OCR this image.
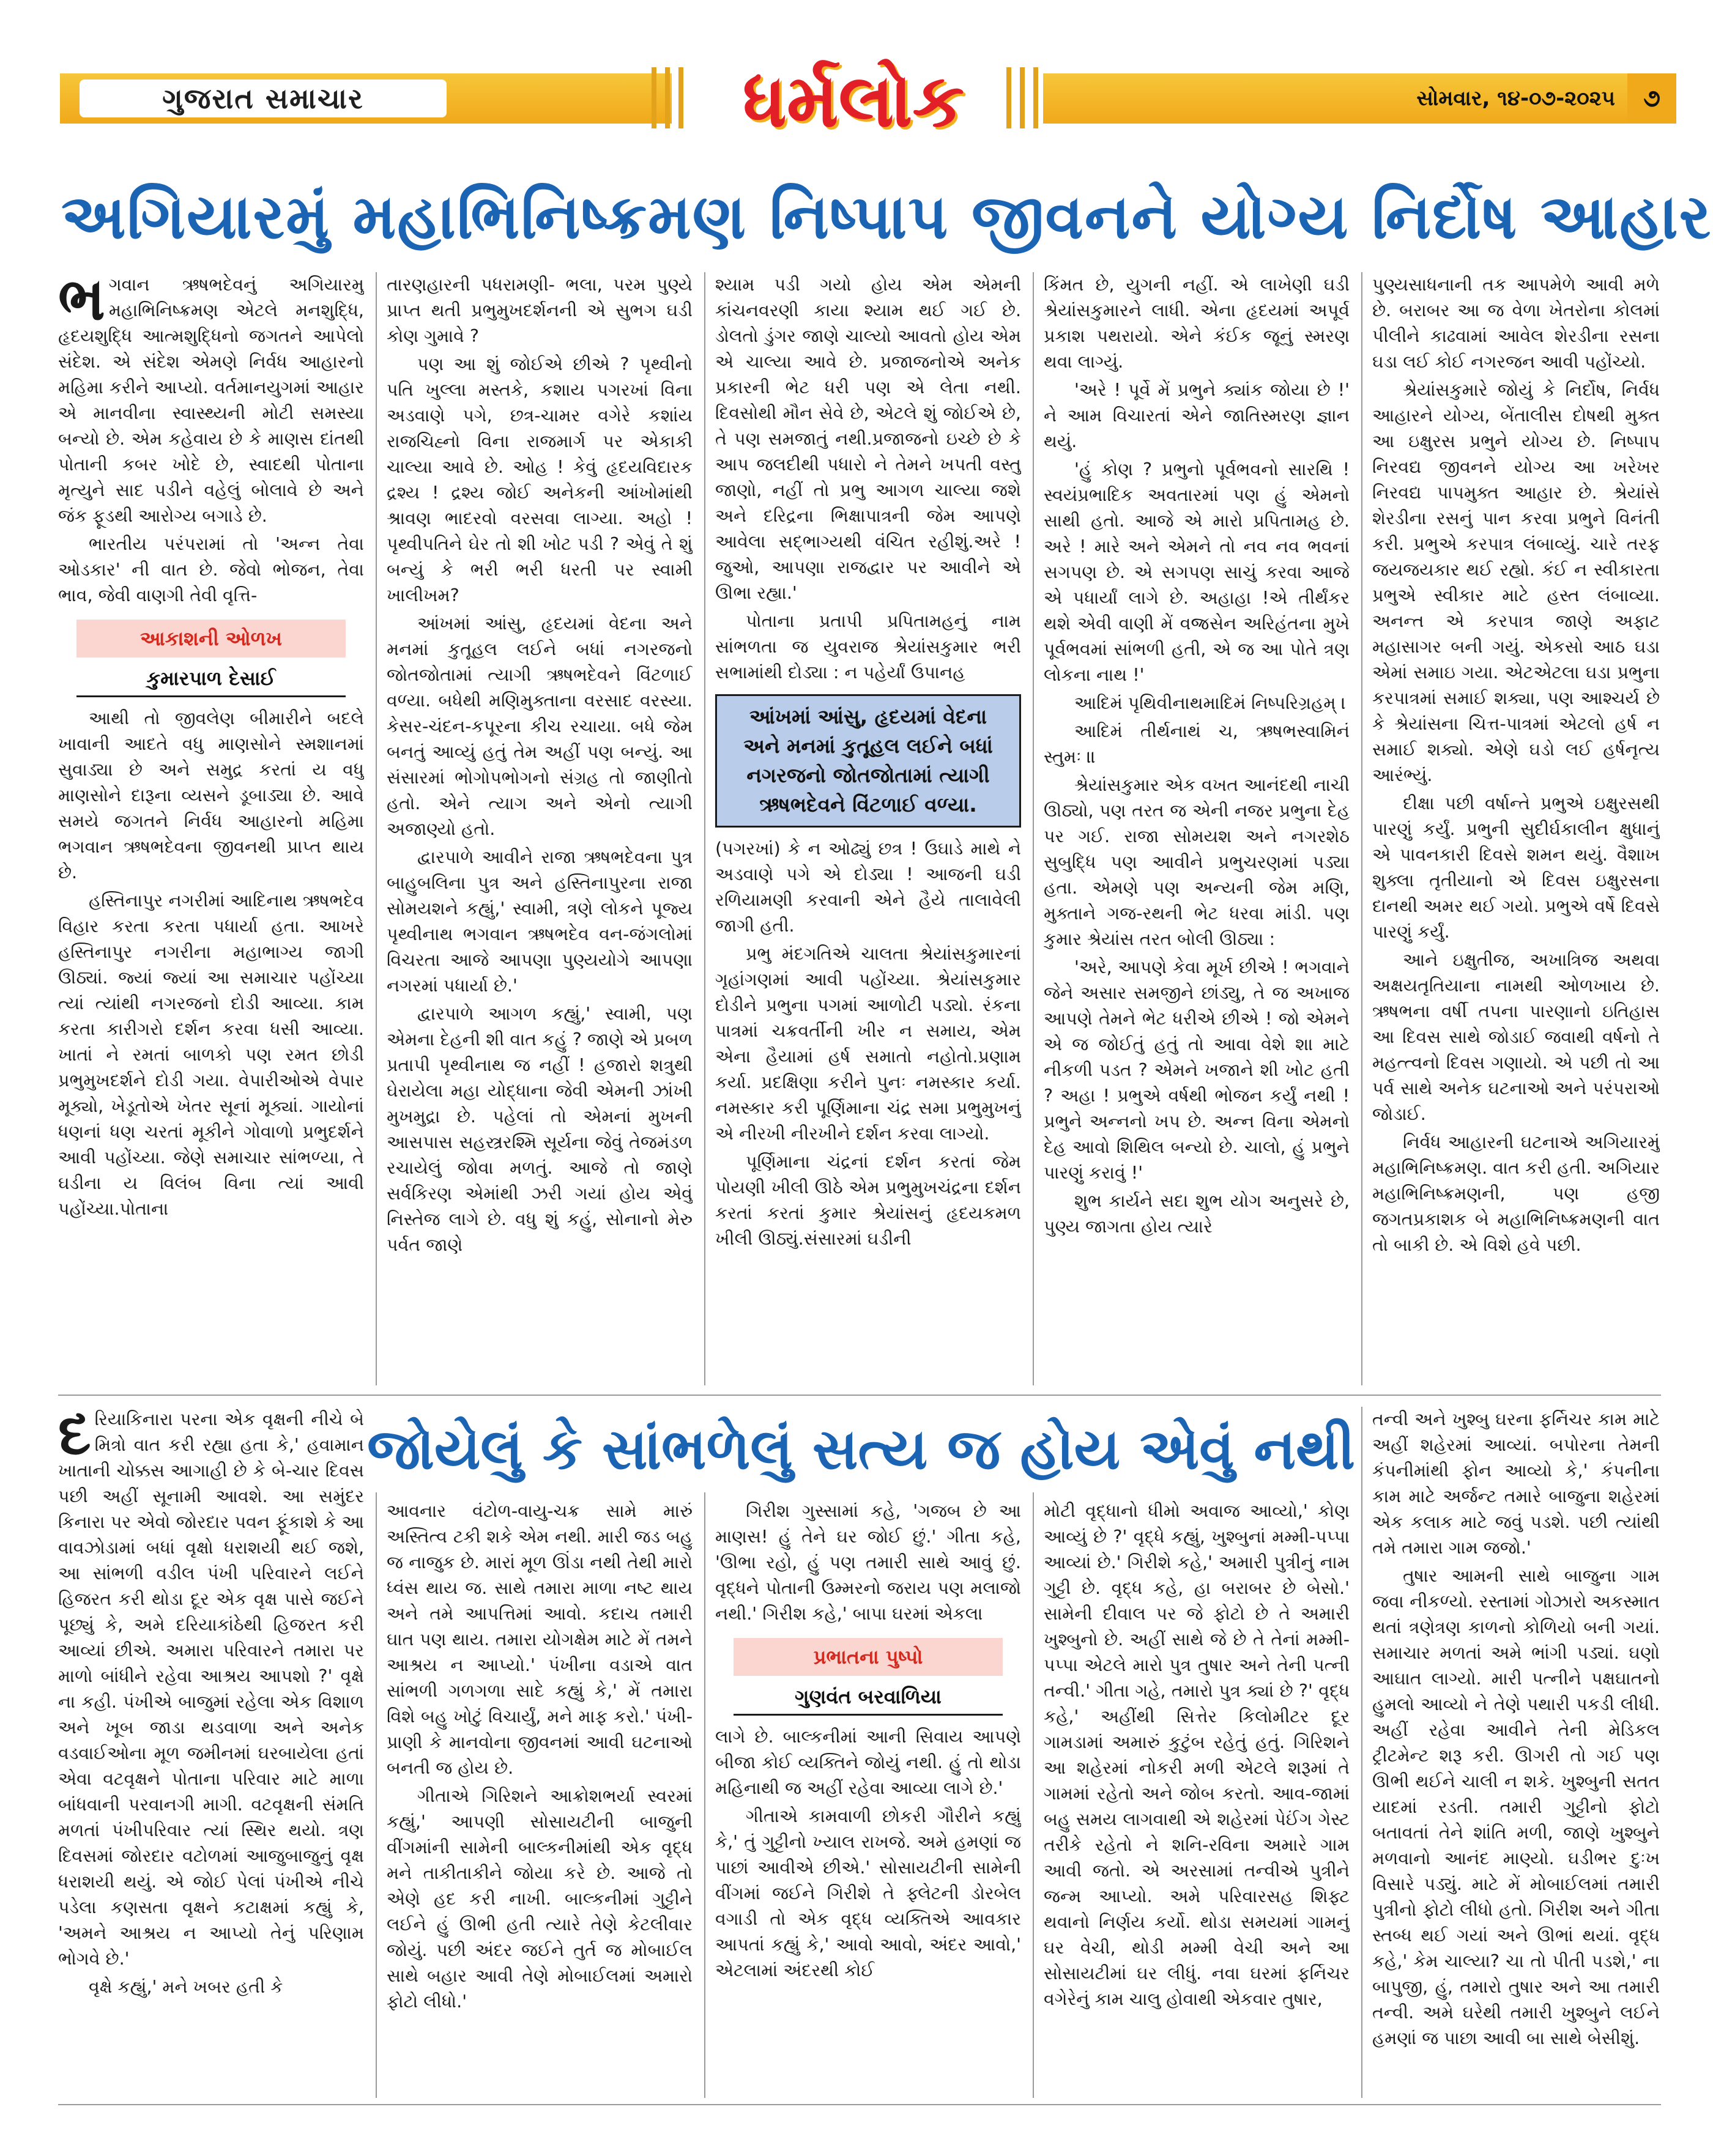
ગુજરાત સમાચાર	ધર્મલોક	સોમવાર, ૧૪-૦૭-૨૦૨૫	૭
અગિયારમું મહાભિનિષ્ક્રમણ નિષ્પાપ જીવનને યોગ્ય નિર્દોષ આહાર

ભગવાન ઋષભદેવનું અગિયારમુ મહાભિનિષ્ક્રમણ એટલે મનશુદ્ધિ, હૃદયશુદ્ધિ આત્મશુદ્ધિનો જગતને આપેલો સંદેશ. એ સંદેશ એમણે નિર્વધ આહારનો મહિમા કરીને આપ્યો. વર્તમાનયુગમાં આહાર એ માનવીના સ્વાસ્થ્યની મોટી સમસ્યા બન્યો છે. એમ કહેવાય છે કે માણસ દાંતથી પોતાની કબર ખોદે છે, સ્વાદથી પોતાના મૃત્યુને સાદ પડીને વહેલું બોલાવે છે અને જંક ફૂડથી આરોગ્ય બગાડે છે.

ભારતીય પરંપરામાં તો 'અન્ન તેવા ઓડકાર' ની વાત છે. જેવો ભોજન, તેવા ભાવ, જેવી વાણગી તેવી વૃત્તિ-

આકાશની ઓળખ
કુમારપાળ દેસાઈ

આથી તો જીવલેણ બીમારીને બદલે ખાવાની આદતે વધુ માણસોને સ્મશાનમાં સુવાડ્યા છે અને સમુદ્ર કરતાં ય વધુ માણસોને દારૂના વ્યસને ડૂબાડ્યા છે. આવે સમયે જગતને નિર્વધ આહારનો મહિમા ભગવાન ઋષભદેવના જીવનથી પ્રાપ્ત થાય છે.

હસ્તિનાપુર નગરીમાં આદિનાથ ઋષભદેવ વિહાર કરતા કરતા પધાર્યા હતા. આખરે હસ્તિનાપુર નગરીના મહાભાગ્ય જાગી ઊઠ્યાં. જ્યાં જ્યાં આ સમાચાર પહોંચ્યા ત્યાં ત્યાંથી નગરજનો દોડી આવ્યા. કામ કરતા કારીગરો દર્શન કરવા ધસી આવ્યા. ખાતાં ને રમતાં બાળકો પણ રમત છોડી પ્રભુમુખદર્શને દોડી ગયા. વેપારીઓએ વેપાર મૂક્યો, ખેડૂતોએ ખેતર સૂનાં મૂક્યાં. ગાયોનાં ધણનાં ધણ ચરતાં મૂકીને ગોવાળો પ્રભુદર્શને આવી પહોંચ્યા. જેણે સમાચાર સાંભળ્યા, તે ઘડીના ય વિલંબ વિના ત્યાં આવી પહોંચ્યા.પોતાના

તારણહારની પધરામણી- ભલા, પરમ પુણ્યે પ્રાપ્ત થતી પ્રભુમુખદર્શનની એ સુભગ ઘડી કોણ ગુમાવે ?

પણ આ શું જોઈએ છીએ ? પૃથ્વીનો પતિ ખુલ્લા મસ્તકે, કશાય પગરખાં વિના અડવાણે પગે, છત્ર-ચામર વગેરે કશાંય રાજચિહ્નો વિના રાજમાર્ગ પર એકાકી ચાલ્યા આવે છે. ઓહ ! કેવું હૃદયવિદારક દ્રશ્ય ! દ્રશ્ય જોઈ અનેકની આંખોમાંથી શ્રાવણ ભાદરવો વરસવા લાગ્યા. અહો ! પૃથ્વીપતિને ઘેર તો શી ખોટ પડી ? એવું તે શું બન્યું કે ભરી ભરી ધરતી પર સ્વામી ખાલીખમ?

આંખમાં આંસુ, હૃદયમાં વેદના અને મનમાં કુતૂહલ લઈને બધાં નગરજનો જોતજોતામાં ત્યાગી ઋષભદેવને વિંટળાઈ વળ્યા. બધેથી મણિમુક્તાના વરસાદ વરસ્યા. કેસર-ચંદન-કપૂરના કીચ રચાયા. બધે જેમ બનતું આવ્યું હતું તેમ અહીં પણ બન્યું. આ સંસારમાં ભોગોપભોગનો સંગ્રહ તો જાણીતો હતો. એને ત્યાગ અને એનો ત્યાગી અજાણ્યો હતો.

દ્વારપાળે આવીને રાજા ઋષભદેવના પુત્ર બાહુબલિના પુત્ર અને હસ્તિનાપુરના રાજા સોમયશને કહ્યું,' સ્વામી, ત્રણે લોકને પૂજ્ય પૃથ્વીનાથ ભગવાન ઋષભદેવ વન-જંગલોમાં વિચરતા આજે આપણા પુણ્યયોગે આપણા નગરમાં પધાર્યા છે.'

દ્વારપાળે આગળ કહ્યું,' સ્વામી, પણ એમના દેહની શી વાત કહું ? જાણે એ પ્રબળ પ્રતાપી પૃથ્વીનાથ જ નહીં ! હજારો શત્રુથી ઘેરાયેલા મહા યોદ્ધાના જેવી એમની ઝાંખી મુખમુદ્રા છે. પહેલાં તો એમનાં મુખની આસપાસ સહસ્ત્રરશ્મિ સૂર્યના જેવું તેજમંડળ રચાયેલું જોવા મળતું. આજે તો જાણે સર્વકિરણ એમાંથી ઝરી ગયાં હોય એવું નિસ્તેજ લાગે છે. વધુ શું કહું, સોનાનો મેરુ પર્વત જાણે

શ્યામ પડી ગયો હોય એમ એમની કાંચનવરણી કાયા શ્યામ થઈ ગઈ છે. ડોલતો ડુંગર જાણે ચાલ્યો આવતો હોય એમ એ ચાલ્યા આવે છે. પ્રજાજનોએ અનેક પ્રકારની ભેટ ધરી પણ એ લેતા નથી. દિવસોથી મૌન સેવે છે, એટલે શું જોઈએ છે, તે પણ સમજાતું નથી.પ્રજાજનો ઇચ્છે છે કે આપ જલદીથી પધારો ને તેમને ખપતી વસ્તુ જાણો, નહીં તો પ્રભુ આગળ ચાલ્યા જશે અને દરિદ્રના ભિક્ષાપાત્રની જેમ આપણે આવેલા સદ્ભાગ્યથી વંચિત રહીશું.અરે !જુઓ, આપણા રાજદ્વાર પર આવીને એ ઊભા રહ્યા.'

પોતાના પ્રતાપી પ્રપિતામહનું નામ સાંભળતા જ યુવરાજ શ્રેયાંસકુમાર ભરી સભામાંથી દોડ્યા : ન પહેર્યાં ઉપાનહ

આંખમાં આંસુ, હૃદયમાં વેદના
અને મનમાં કુતૂહલ લઈને બધાં
નગરજનો જોતજોતામાં ત્યાગી
ઋષભદેવને વિંટળાઈ વળ્યા.

(પગરખાં) કે ન ઓઢ્યું છત્ર ! ઉઘાડે માથે ને અડવાણે પગે એ દોડ્યા ! આજની ઘડી રળિયામણી કરવાની એને હૈયે તાલાવેલી જાગી હતી.

પ્રભુ મંદગતિએ ચાલતા શ્રેયાંસકુમારનાં ગૃહાંગણમાં આવી પહોંચ્યા. શ્રેયાંસકુમાર દોડીને પ્રભુના પગમાં આળોટી પડ્યો. રંકના પાત્રમાં ચક્રવર્તીની ખીર ન સમાય, એમ એના હૈયામાં હર્ષ સમાતો નહોતો.પ્રણામ કર્યા. પ્રદક્ષિણા કરીને પુનઃ નમસ્કાર કર્યા. નમસ્કાર કરી પૂર્ણિમાના ચંદ્ર સમા પ્રભુમુખનું એ નીરખી નીરખીને દર્શન કરવા લાગ્યો.

પૂર્ણિમાના ચંદ્રનાં દર્શન કરતાં જેમ પોયણી ખીલી ઊઠે એમ પ્રભુમુખચંદ્રના દર્શન કરતાં કરતાં કુમાર શ્રેયાંસનું હૃદયકમળ ખીલી ઊઠ્યું.સંસારમાં ઘડીની

કિંમત છે, યુગની નહીં. એ લાખેણી ઘડી શ્રેયાંસકુમારને લાધી. એના હૃદયમાં અપૂર્વ પ્રકાશ પથરાયો. એને કંઈક જૂનું સ્મરણ થવા લાગ્યું.

'અરે ! પૂર્વે મેં પ્રભુને ક્યાંક જોયા છે !' ને આમ વિચારતાં એને જાતિસ્મરણ જ્ઞાન થયું.

'હું કોણ ? પ્રભુનો પૂર્વભવનો સારથિ !સ્વયંપ્રભાદિક અવતારમાં પણ હું એમનો સાથી હતો. આજે એ મારો પ્રપિતામહ છે. અરે ! મારે અને એમને તો નવ નવ ભવનાં સગપણ છે. એ સગપણ સાચું કરવા આજે એ પધાર્યાં લાગે છે. અહાહા !એ તીર્થંકર થશે એવી વાણી મેં વજ્રસેન અરિહંતના મુખે પૂર્વભવમાં સાંભળી હતી, એ જ આ પોતે ત્રણ લોકના નાથ !'

આદિમં પૃથિવીનાથમાદિમં નિષ્પરિગ્રહમ્ ।

આદિમં તીર્થનાથં ચ, ઋષભસ્વામિનં સ્તુમઃ ॥

શ્રેયાંસકુમાર એક વખત આનંદથી નાચી ઊઠ્યો, પણ તરત જ એની નજર પ્રભુના દેહ પર ગઈ. રાજા સોમયશ અને નગરશેઠ સુબુદ્ધિ પણ આવીને પ્રભુચરણમાં પડ્યા હતા. એમણે પણ અન્યની જેમ મણિ, મુક્તાને ગજ-રથની ભેટ ધરવા માંડી. પણ કુમાર શ્રેયાંસ તરત બોલી ઊઠ્યા :

'અરે, આપણે કેવા મૂર્ખ છીએ ! ભગવાને જેને અસાર સમજીને છાંડ્યુ, તે જ અખાજ આપણે તેમને ભેટ ધરીએ છીએ ! જો એમને એ જ જોઈતું હતું તો આવા વેશે શા માટે નીકળી પડત ? એમને ખજાને શી ખોટ હતી ? અહા ! પ્રભુએ વર્ષથી ભોજન કર્યું નથી ! પ્રભુને અન્નનો ખપ છે. અન્ન વિના એમનો દેહ આવો શિથિલ બન્યો છે. ચાલો, હું પ્રભુને પારણું કરાવું !'

શુભ કાર્યને સદા શુભ યોગ અનુસરે છે, પુણ્ય જાગતા હોય ત્યારે

પુણ્યસાધનાની તક આપમેળે આવી મળે છે. બરાબર આ જ વેળા ખેતરોના કોલમાં પીલીને કાઢવામાં આવેલ શેરડીના રસના ઘડા લઈ કોઈ નગરજન આવી પહોંચ્યો.

શ્રેયાંસકુમારે જોયું કે નિર્દોષ, નિર્વધ આહારને યોગ્ય, બેંતાલીસ દોષથી મુક્ત આ ઇક્ષુરસ પ્રભુને યોગ્ય છે. નિષ્પાપ નિરવદ્ય જીવનને યોગ્ય આ ખરેખર નિરવદ્ય પાપમુક્ત આહાર છે. શ્રેયાંસે શેરડીના રસનું પાન કરવા પ્રભુને વિનંતી કરી. પ્રભુએ કરપાત્ર લંબાવ્યું. ચારે તરફ જયજયકાર થઈ રહ્યો. કંઈ ન સ્વીકારતા પ્રભુએ સ્વીકાર માટે હસ્ત લંબાવ્યા. અનન્ત એ કરપાત્ર જાણે અફાટ મહાસાગર બની ગયું. એકસો આઠ ઘડા એમાં સમાઇ ગયા. એટએટલા ઘડા પ્રભુના કરપાત્રમાં સમાઈ શક્યા, પણ આશ્ચર્ય છે કે શ્રેયાંસના ચિત્ત-પાત્રમાં એટલો હર્ષ ન સમાઈ શક્યો. એણે ઘડો લઈ હર્ષનૃત્ય આરંભ્યું.

દીક્ષા પછી વર્ષાન્તે પ્રભુએ ઇક્ષુરસથી પારણું કર્યું. પ્રભુની સુદીર્ઘકાલીન ક્ષુધાનું એ પાવનકારી દિવસે શમન થયું. વૈશાખ શુક્લા તૃતીયાનો એ દિવસ ઇક્ષુરસના દાનથી અમર થઈ ગયો. પ્રભુએ વર્ષે દિવસે પારણું કર્યું.

આને ઇક્ષુતીજ, અખાત્રિજ અથવા અક્ષયતૃતિયાના નામથી ઓળખાય છે. ઋષભના વર્ષી તપના પારણાનો ઇતિહાસ આ દિવસ સાથે જોડાઈ જવાથી વર્ષનો તે મહત્ત્વનો દિવસ ગણાયો. એ પછી તો આ પર્વ સાથે અનેક ઘટનાઓ અને પરંપરાઓ જોડાઈ.

નિર્વધ આહારની ઘટનાએ અગિયારમું મહાભિનિષ્ક્રમણ. વાત કરી હતી. અગિયાર મહાભિનિષ્ક્રમણની, પણ હજી જગતપ્રકાશક બે મહાભિનિષ્ક્રમણની વાત તો બાકી છે. એ વિશે હવે પછી.

જોયેલું કે સાંભળેલું સત્ય જ હોય એવું નથી

દરિયાકિનારા પરના એક વૃક્ષની નીચે બે મિત્રો વાત કરી રહ્યા હતા કે,' હવામાન ખાતાની ચોક્કસ આગાહી છે કે બે-ચાર દિવસ પછી અહીં સૂનામી આવશે. આ સમુંદર કિનારા પર એવો જોરદાર પવન ફૂંકાશે કે આ વાવઝોડામાં બધાં વૃક્ષો ધરાશયી થઈ જશે, આ સાંભળી વડીલ પંખી પરિવારને લઈને હિજરત કરી થોડા દૂર એક વૃક્ષ પાસે જઈને પૂછ્યું કે, અમે દરિયાકાંઠેથી હિજરત કરી આવ્યાં છીએ. અમારા પરિવારને તમારા પર માળો બાંધીને રહેવા આશ્રય આપશો ?' વૃક્ષે ના કહી. પંખીએ બાજુમાં રહેલા એક વિશાળ અને ખૂબ જાડા થડવાળા અને અનેક વડવાઈઓના મૂળ જમીનમાં ઘરબાયેલા હતાં એવા વટવૃક્ષને પોતાના પરિવાર માટે માળા બાંધવાની પરવાનગી માગી. વટવૃક્ષની સંમતિ મળતાં પંખીપરિવાર ત્યાં સ્થિર થયો. ત્રણ દિવસમાં જોરદાર વટોળમાં આજુબાજુનું વૃક્ષ ધરાશયી થયું. એ જોઈ પેલાં પંખીએ નીચે પડેલા કણસતા વૃક્ષને કટાક્ષમાં કહ્યું કે, 'અમને આશ્રય ન આપ્યો તેનું પરિણામ ભોગવે છે.'

વૃક્ષે કહ્યું,' મને ખબર હતી કે

આવનાર વંટોળ-વાયુ-ચક્ર સામે મારું અસ્તિત્વ ટકી શકે એમ નથી. મારી જડ બહુ જ નાજુક છે. મારાં મૂળ ઊંડા નથી તેથી મારો ધ્વંસ થાય જ. સાથે તમારા માળા નષ્ટ થાય અને તમે આપત્તિમાં આવો. કદાચ તમારી ઘાત પણ થાય. તમારા યોગક્ષેમ માટે મેં તમને આશ્રય ન આપ્યો.' પંખીના વડાએ વાત સાંભળી ગળગળા સાદે કહ્યું કે,' મેં તમારા વિશે બહુ ખોટું વિચાર્યું, મને માફ કરો.' પંખી-પ્રાણી કે માનવોના જીવનમાં આવી ઘટનાઓ બનતી જ હોય છે.

ગીતાએ ગિરિશને આક્રોશભર્યા સ્વરમાં કહ્યું,' આપણી સોસાયટીની બાજુની વીંગમાંની સામેની બાલ્કનીમાંથી એક વૃદ્ધ મને તાકીતાકીને જોયા કરે છે. આજે તો એણે હદ કરી નાખી. બાલ્કનીમાં ગુટ્ટીને લઈને હું ઊભી હતી ત્યારે તેણે કેટલીવાર જોયું. પછી અંદર જઈને તુર્ત જ મોબાઈલ સાથે બહાર આવી તેણે મોબાઈલમાં અમારો ફોટો લીધો.'

ગિરીશ ગુસ્સામાં કહે, 'ગજબ છે આ માણસ! હું તેને ઘર જોઈ છું.' ગીતા કહે, 'ઊભા રહો, હું પણ તમારી સાથે આવું છું. વૃદ્ધને પોતાની ઉમ્મરનો જરાય પણ મલાજો નથી.' ગિરીશ કહે,' બાપા ઘરમાં એકલા

પ્રભાતના પુષ્પો
ગુણવંત બરવાળિયા

લાગે છે. બાલ્કનીમાં આની સિવાય આપણે બીજા કોઈ વ્યક્તિને જોયું નથી. હું તો થોડા મહિનાથી જ અહીં રહેવા આવ્યા લાગે છે.'

ગીતાએ કામવાળી છોકરી ગૌરીને કહ્યું કે,' તું ગુટ્ટીનો ખ્યાલ રાખજે. અમે હમણાં જ પાછાં આવીએ છીએ.' સોસાયટીની સામેની વીંગમાં જઈને ગિરીશે તે ફ્લેટની ડોરબેલ વગાડી તો એક વૃદ્ધ વ્યક્તિએ આવકાર આપતાં કહ્યું કે,' આવો આવો, અંદર આવો,' એટલામાં અંદરથી કોઈ

મોટી વૃદ્ધાનો ધીમો અવાજ આવ્યો,' કોણ આવ્યું છે ?' વૃદ્ધે કહ્યું, ખુશ્બુનાં મમ્મી-પપ્પા આવ્યાં છે.' ગિરીશે કહે,' અમારી પુત્રીનું નામ ગુટ્ટી છે. વૃદ્ધ કહે, હા બરાબર છે બેસો.' સામેની દીવાલ પર જે ફોટો છે તે અમારી ખુશ્બુનો છે. અહીં સાથે જે છે તે તેનાં મમ્મી-પપ્પા એટલે મારો પુત્ર તુષાર અને તેની પત્ની તન્વી.' ગીતા ગહે, તમારો પુત્ર ક્યાં છે ?' વૃદ્ધ કહે,' અહીંથી સિત્તેર કિલોમીટર દૂર ગામડામાં અમારું કુટુંબ રહેતું હતું. ગિરિશને આ શહેરમાં નોકરી મળી એટલે શરૂમાં તે ગામમાં રહેતો અને જોબ કરતો. આવ-જામાં બહુ સમય લાગવાથી એ શહેરમાં પેઈંગ ગેસ્ટ તરીકે રહેતો ને શનિ-રવિના અમારે ગામ આવી જતો. એ અરસામાં તન્વીએ પુત્રીને જન્મ આપ્યો. અમે પરિવારસહ શિફ્ટ થવાનો નિર્ણય કર્યો. થોડા સમયમાં ગામનું ઘર વેચી, થોડી મમ્મી વેચી અને આ સોસાયટીમાં ઘર લીધું. નવા ઘરમાં ફર્નિચર વગેરેનું કામ ચાલુ હોવાથી એકવાર તુષાર,

તન્વી અને ખુશ્બુ ઘરના ફર્નિચર કામ માટે અહીં શહેરમાં આવ્યાં. બપોરના તેમની કંપનીમાંથી ફોન આવ્યો કે,' કંપનીના કામ માટે અર્જન્ટ તમારે બાજુના શહેરમાં એક કલાક માટે જવું પડશે. પછી ત્યાંથી તમે તમારા ગામ જજો.'

તુષાર આમની સાથે બાજુના ગામ જવા નીકળ્યો. રસ્તામાં ગોઝારો અકસ્માત થતાં ત્રણેત્રણ કાળનો કોળિયો બની ગયાં. સમાચાર મળતાં અમે ભાંગી પડ્યાં. ઘણો આઘાત લાગ્યો. મારી પત્નીને પક્ષઘાતનો હુમલો આવ્યો ને તેણે પથારી પકડી લીધી. અહીં રહેવા આવીને તેની મેડિકલ ટ્રીટમેન્ટ શરૂ કરી. ઊગરી તો ગઈ પણ ઊભી થઈને ચાલી ન શકે. ખુશ્બુની સતત યાદમાં રડતી. તમારી ગુટ્ટીનો ફોટો બતાવતાં તેને શાંતિ મળી, જાણે ખુશ્બુને મળવાનો આનંદ માણ્યો. ઘડીભર દુઃખ વિસારે પડ્યું. માટે મેં મોબાઈલમાં તમારી પુત્રીનો ફોટો લીધો હતો. ગિરીશ અને ગીતા સ્તબ્ધ થઈ ગયાં અને ઊભાં થયાં. વૃદ્ધ કહે,' કેમ ચાલ્યા? ચા તો પીતી પડશે,' ના બાપુજી, હું, તમારો તુષાર અને આ તમારી તન્વી. અમે ઘરેથી તમારી ખુશ્બુને લઈને હમણાં જ પાછા આવી બા સાથે બેસીશું.
